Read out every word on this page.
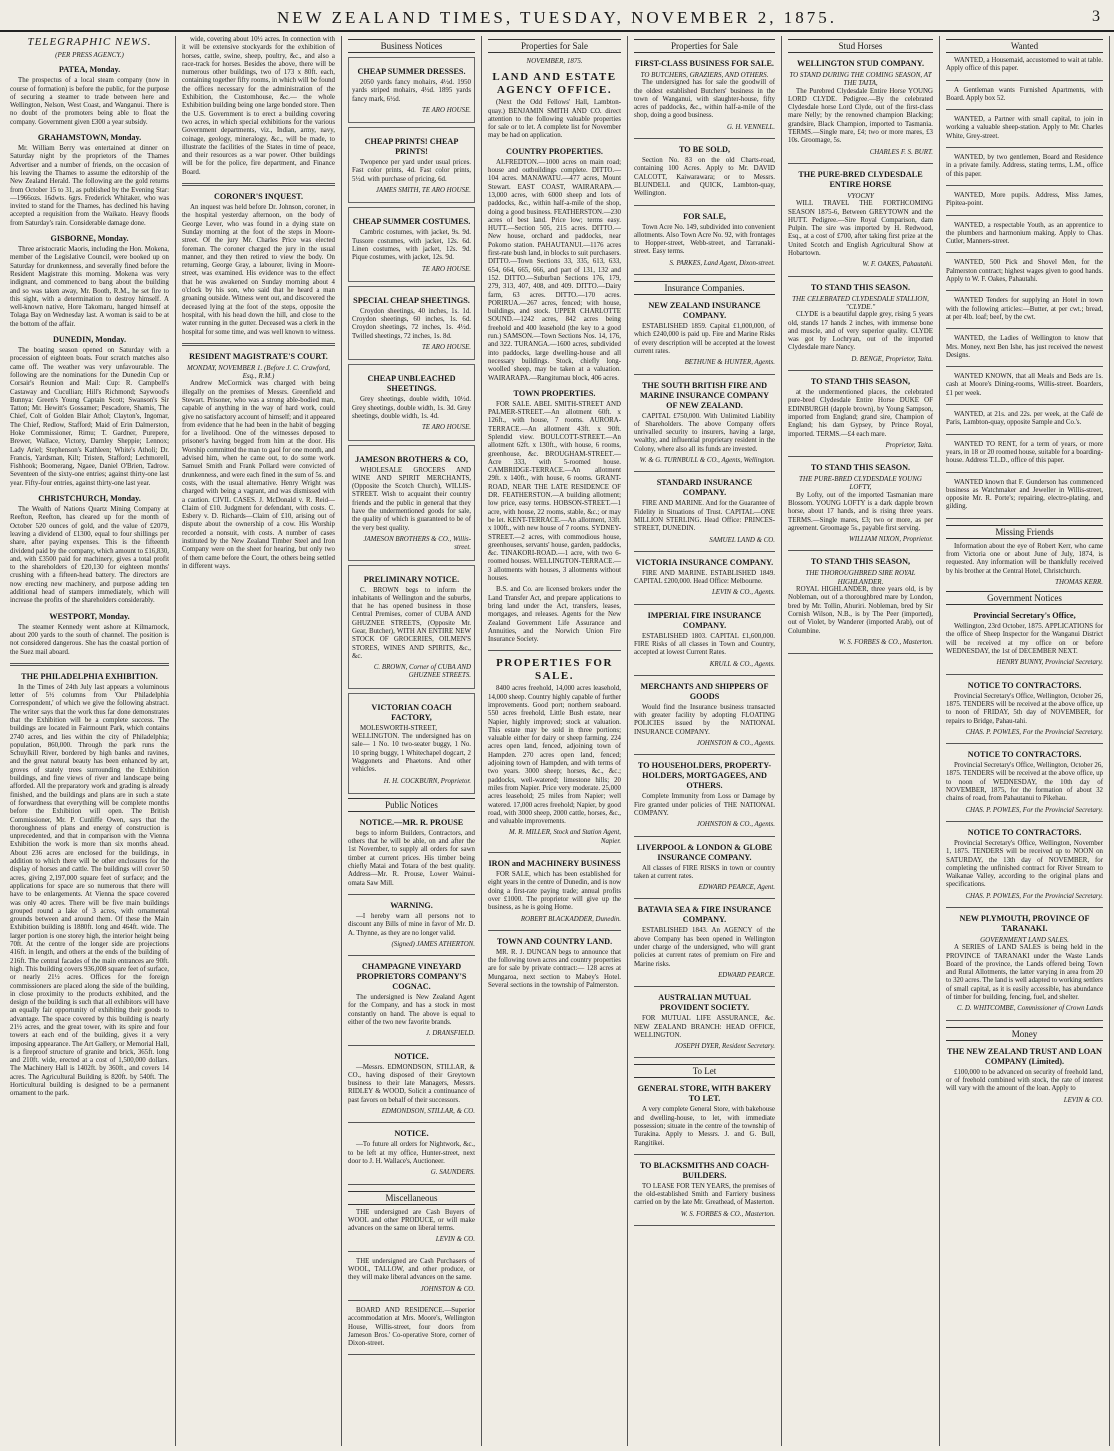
NEW ZEALAND TIMES, TUESDAY, NOVEMBER 2, 1875.	3
TELEGRAPHIC NEWS.
(PER PRESS AGENCY.)
PATEA, Monday.

The prospectus of a local steam company (now in course of formation) is before the public, for the purpose of securing a steamer to trade between here and Wellington, Nelson, West Coast, and Wanganui. There is no doubt of the promoters being able to float the company. Government given £300 a year subsidy.

GRAHAMSTOWN, Monday.

Mr. William Berry was entertained at dinner on Saturday night by the proprietors of the Thames Advertiser and a number of friends, on the occasion of his leaving the Thames to assume the editorship of the New Zealand Herald. The following are the gold returns from October 15 to 31, as published by the Evening Star:—1966ozs. 16dwts. 6grs. Frederick Whitaker, who was invited to stand for the Thames, has declined his having accepted a requisition from the Waikato. Heavy floods from Saturday's rain. Considerable damage done.

GISBORNE, Monday.

Three aristocratic Maoris, including the Hon. Mokena, member of the Legislative Council, were booked up on Saturday for drunkenness, and severally fined before the Resident Magistrate this morning. Mokena was very indignant, and commenced to bang about the building and so was taken away, Mr. Booth, R.M., he set fire to this sight, with a determination to destroy himself. A well-known native, Hore Takomaru, hanged himself at Tolaga Bay on Wednesday last. A woman is said to be at the bottom of the affair.

DUNEDIN, Monday.

The boating season opened on Saturday with a procession of eighteen boats. Four scratch matches also came off. The weather was very unfavourable. The following are the nominations for the Dunedin Cup or Corsair's Reunion and Mail: Cup: R. Campbell's Castaway and Cucullian; Hill's Richmond; Saywood's Bunnya: Green's Young Captain Scott; Swanson's Sir Tatton; Mr. Hewitt's Gossamer; Pescadore, Shamis, The Chief, Colt of Golden Blair Athol; Clayton's, Ingomar, The Chief, Redlow, Stafford; Maid of Erin Dalmerston, Hoke Commissioner, Rimu; T. Gardner, Purepere, Brewer, Wallace, Victory, Darnley Sheppie; Lennox; Lady Ariel; Stephenson's Kathleen; White's Atholi; Dr. Francis, Yardsman, Kilt; Tristen, Stafford; Lechmorell, Fishhook; Boomerang, Ngaee, Daniel O'Brien, Tadrow. Seventeen of the sixty-one entries; against thirty-one last year. Fifty-four entries, against thirty-one last year.

CHRISTCHURCH, Monday.

The Wealth of Nations Quartz Mining Company at Reefton, Reefton, has cleared up for the month of October 520 ounces of gold, and the value of £2079, leaving a dividend of £1300, equal to four shillings per share, after paying expenses. This is the fifteenth dividend paid by the company, which amount to £16,830, and, with £3500 paid for machinery, gives a total profit to the shareholders of £20,130 for eighteen months' crushing with a fifteen-head battery. The directors are now erecting new machinery, and purpose adding ten additional head of stampers immediately, which will increase the profits of the shareholders considerably.

WESTPORT, Monday.

The steamer Kennedy went ashore at Kilmarnock, about 200 yards to the south of channel. The position is not considered dangerous. She has the coastal portion of the Suez mail aboard.

THE PHILADELPHIA EXHIBITION.

In the Times of 24th July last appears a voluminous letter of 5½ columns from 'Our Philadelphia Correspondent,' of which we give the following abstract. The writer says that the work thus far done demonstrates that the Exhibition will be a complete success. The buildings are located in Fairmount Park, which contains 2740 acres, and lies within the city of Philadelphia; population, 860,000. Through the park runs the Schuylkill River, bordered by high banks and ravines, and the great natural beauty has been enhanced by art, groves of stately trees surrounding the Exhibition buildings, and fine views of river and landscape being afforded. All the preparatory work and grading is already finished, and the buildings and plans are in such a state of forwardness that everything will be complete months before the Exhibition will open. The British Commissioner, Mr. P. Cunliffe Owen, says that the thoroughness of plans and energy of construction is unprecedented, and that in comparison with the Vienna Exhibition the work is more than six months ahead. About 236 acres are enclosed for the buildings, in addition to which there will be other enclosures for the display of horses and cattle. The buildings will cover 50 acres, giving 2,197,000 square feet of surface; and the applications for space are so numerous that there will have to be enlargements. At Vienna the space covered was only 40 acres. There will be five main buildings grouped round a lake of 3 acres, with ornamental grounds between and around them. Of these the Main Exhibition building is 1880ft. long and 464ft. wide. The larger portion is one storey high, the interior height being 70ft. At the centre of the longer side are projections 416ft. in length, and others at the ends of the building of 216ft. The central facades of the main entrances are 90ft. high. This building covers 936,008 square feet of surface, or nearly 21½ acres. Offices for the foreign commissioners are placed along the side of the building, in close proximity to the products exhibited, and the design of the building is such that all exhibitors will have an equally fair opportunity of exhibiting their goods to advantage. The space covered by this building is nearly 21½ acres, and the great tower, with its spire and four towers at each end of the building, gives it a very imposing appearance. The Art Gallery, or Memorial Hall, is a fireproof structure of granite and brick, 365ft. long and 210ft. wide, erected at a cost of 1,500,000 dollars. The Machinery Hall is 1402ft. by 360ft., and covers 14 acres. The Agricultural Building is 820ft. by 540ft. The Horticultural building is designed to be a permanent ornament to the park.

wide, covering about 10½ acres. In connection with it will be extensive stockyards for the exhibition of horses, cattle, swine, sheep, poultry, &c., and also a race-track for horses. Besides the above, there will be numerous other buildings, two of 173 x 80ft. each, containing together fifty rooms, in which will be found the offices necessary for the administration of the Exhibition, the Customhouse, &c.— the whole Exhibition building being one large bonded store. Then the U.S. Government is to erect a building covering two acres, in which special exhibitions for the various Government departments, viz., Indian, army, navy, coinage, geology, mineralogy, &c., will be made, to illustrate the facilities of the States in time of peace, and their resources as a war power. Other buildings will be for the police, fire department, and Finance Board.

CORONER'S INQUEST.

An inquest was held before Dr. Johnson, coroner, in the hospital yesterday afternoon, on the body of George Lever, who was found in a dying state on Sunday morning at the foot of the steps in Moore-street. Of the jury Mr. Charles Price was elected foreman. The coroner charged the jury in the usual manner, and they then retired to view the body. On returning, George Gray, a labourer, living in Moore-street, was examined. His evidence was to the effect that he was awakened on Sunday morning about 4 o'clock by his son, who said that he heard a man groaning outside. Witness went out, and discovered the deceased lying at the foot of the steps, opposite the hospital, with his head down the hill, and close to the water running in the gutter. Deceased was a clerk in the hospital for some time, and was well known to witness.

RESIDENT MAGISTRATE'S COURT.
MONDAY, NOVEMBER 1. (Before J. C. Crawford, Esq., R.M.)

Andrew McCormick was charged with being illegally on the premises of Messrs. Greenfield and Stewart. Prisoner, who was a strong able-bodied man, capable of anything in the way of hard work, could give no satisfactory account of himself; and it appeared from evidence that he had been in the habit of begging for a livelihood. One of the witnesses deposed to prisoner's having begged from him at the door. His Worship committed the man to gaol for one month, and advised him, when he came out, to do some work. Samuel Smith and Frank Pollard were convicted of drunkenness, and were each fined in the sum of 5s. and costs, with the usual alternative. Henry Wright was charged with being a vagrant, and was dismissed with a caution. CIVIL CASES. J. McDonald v. R. Reid—Claim of £10. Judgment for defendant, with costs. C. Esbery v. D. Richards—Claim of £10, arising out of dispute about the ownership of a cow. His Worship recorded a nonsuit, with costs. A number of cases instituted by the New Zealand Timber Steel and Iron Company were on the sheet for hearing, but only two of them came before the Court, the others being settled in different ways.

Business Notices
CHEAP SUMMER DRESSES.

2050 yards fancy mohairs, 4½d. 1950 yards striped mohairs, 4½d. 1895 yards fancy mark, 6½d.

TE ARO HOUSE.
CHEAP PRINTS! CHEAP PRINTS!

Twopence per yard under usual prices. Fast color prints, 4d. Fast color prints, 5½d. with purchase of pricing, 6d.

JAMES SMITH, TE ARO HOUSE.
CHEAP SUMMER COSTUMES.

Cambric costumes, with jacket, 9s. 9d. Tussore costumes, with jacket, 12s. 6d. Linen costumes, with jacket, 12s. 9d. Pique costumes, with jacket, 12s. 9d.

TE ARO HOUSE.
SPECIAL CHEAP SHEETINGS.

Croydon sheetings, 40 inches, 1s. 1d. Croydon sheetings, 60 inches, 1s. 6d. Croydon sheetings, 72 inches, 1s. 4½d. Twilled sheetings, 72 inches, 1s. 8d.

TE ARO HOUSE.
CHEAP UNBLEACHED SHEETINGS.

Grey sheetings, double width, 10½d. Grey sheetings, double width, 1s. 3d. Grey sheetings, double width, 1s. 4d.

TE ARO HOUSE.
JAMESON BROTHERS & CO,

WHOLESALE GROCERS AND WINE AND SPIRIT MERCHANTS, (Opposite the Scotch Church), WILLIS-STREET. Wish to acquaint their country friends and the public in general that they have the undermentioned goods for sale, the quality of which is guaranteed to be of the very best quality.

JAMESON BROTHERS & CO., Willis-street.
PRELIMINARY NOTICE.

C. BROWN begs to inform the inhabitants of Wellington and the suburbs, that he has opened business in those Central Premises, corner of CUBA AND GHUZNEE STREETS, (Opposite Mr. Gear, Butcher), WITH AN ENTIRE NEW STOCK OF GROCERIES, OILMEN'S STORES, WINES AND SPIRITS, &c., &c.

C. BROWN, Corner of CUBA AND GHUZNEE STREETS.
VICTORIAN COACH FACTORY,

MOLESWORTH-STREET, WELLINGTON. The undersigned has on sale— 1 No. 10 two-seater buggy, 1 No. 10 spring buggy, 1 Whitechapel dogcart, 2 Waggonets and Phaetons. And other vehicles.

H. H. COCKBURN, Proprietor.
Public Notices
NOTICE.—MR. R. PROUSE

begs to inform Builders, Contractors, and others that he will be able, on and after the 1st November, to supply all orders for sawn timber at current prices. His timber being chiefly Matai and Totara of the best quality. Address—Mr. R. Prouse, Lower Wainui-omata Saw Mill.

WARNING.

—I hereby warn all persons not to discount any Bills of mine in favor of Mr. D. A. Thynne, as they are no longer valid.

(Signed) JAMES ATHERTON.
CHAMPAGNE VINEYARD PROPRIETORS COMPANY'S COGNAC.

The undersigned is New Zealand Agent for the Company, and has a stock in most constantly on hand. The above is equal to either of the two new favorite brands.

J. DRANSFIELD.
NOTICE.

—Messrs. EDMONDSON, STILLAR, & CO., having disposed of their Greytown business to their late Managers, Messrs. RIDLEY & WOOD, Solicit a continuance of past favors on behalf of their successors.

EDMONDSON, STILLAR, & CO.
NOTICE.

—To future all orders for Nightwork, &c., to be left at my office, Hunter-street, next door to J. H. Wallace's, Auctioneer.

G. SAUNDERS.
Miscellaneous

THE undersigned are Cash Buyers of WOOL and other PRODUCE, or will make advances on the same on liberal terms.

LEVIN & CO.

THE undersigned are Cash Purchasers of WOOL, TALLOW, and other produce, or they will make liberal advances on the same.

JOHNSTON & CO.

BOARD AND RESIDENCE.—Superior accommodation at Mrs. Moore's, Wellington House, Willis-street, four doors from Jameson Bros.' Co-operative Store, corner of Dixon-street.

Properties for Sale
NOVEMBER, 1875.
LAND AND ESTATE AGENCY OFFICE.

(Next the Odd Fellows' Hall, Lambton-quay.) BENJAMIN SMITH AND CO. direct attention to the following valuable properties for sale or to let. A complete list for November may be had on application.

COUNTRY PROPERTIES.

ALFREDTON.—1000 acres on main road; house and outbuildings complete. DITTO.—104 acres. MANAWATU.—477 acres, Mount Stewart. EAST COAST, WAIRARAPA.—13,000 acres, with 6000 sheep and lots of paddocks, &c., within half-a-mile of the shop, doing a good business. FEATHERSTON.—230 acres of best land. Price low; terms easy. HUTT.—Section 505, 215 acres. DITTO.—New house, orchard and paddocks, near Pokomo station. PAHAUTANUI.—1176 acres first-rate bush land, in blocks to suit purchasers. DITTO.—Town Sections 33, 335, 613, 633, 654, 664, 665, 666, and part of 131, 132 and 152. DITTO.—Suburban Sections 176, 179, 279, 313, 407, 408, and 409. DITTO.—Dairy farm, 63 acres. DITTO.—170 acres. PORIRUA.—267 acres, fenced; with house, buildings, and stock. UPPER CHARLOTTE SOUND.—1242 acres, 842 acres being freehold and 400 leasehold (the key to a good run.) SAMSON.—Town Sections Nos. 14, 176, and 322. TURANGA.—1600 acres, subdivided into paddocks, large dwelling-house and all necessary buildings. Stock, chiefly long-woolled sheep, may be taken at a valuation. WAIRARAPA.—Rangitumau block, 406 acres.

TOWN PROPERTIES.

FOR SALE. ABEL SMITH-STREET AND PALMER-STREET.—An allotment 60ft. x 126ft., with house, 7 rooms. AURORA-TERRACE.—An allotment 43ft. x 90ft. Splendid view. BOULCOTT-STREET.—An allotment 62ft. x 130ft., with house, 6 rooms, greenhouse, &c. BROUGHAM-STREET.—Acre 333, with 5-roomed house. CAMBRIDGE-TERRACE.—An allotment 29ft. x 140ft., with house, 6 rooms. GRANT-ROAD, NEAR THE LATE RESIDENCE OF DR. FEATHERSTON.—A building allotment; low price, easy terms. HOBSON-STREET.—1 acre, with house, 22 rooms, stable, &c.; or may be let. KENT-TERRACE.—An allotment, 33ft. x 100ft., with new house of 7 rooms. SYDNEY-STREET.—2 acres, with commodious house, greenhouses, servants' house, garden, paddocks, &c. TINAKORI-ROAD.—1 acre, with two 6-roomed houses. WELLINGTON-TERRACE.—3 allotments with houses, 3 allotments without houses.

B.S. and Co. are licensed brokers under the Land Transfer Act, and prepare applications to bring land under the Act, transfers, leases, mortgages, and releases. Agents for the New Zealand Government Life Assurance and Annuities, and the Norwich Union Fire Insurance Society.

PROPERTIES FOR SALE.

8400 acres freehold, 14,000 acres leasehold, 14,000 sheep. Country highly capable of further improvements. Good port; northern seaboard. 550 acres freehold, Little Bush estate, near Napier, highly improved; stock at valuation. This estate may be sold in three portions; valuable either for dairy or sheep farming. 224 acres open land, fenced, adjoining town of Hampden. 270 acres open land, fenced; adjoining town of Hampden, and with terms of two years. 3000 sheep; horses, &c., &c.; paddocks, well-watered; limestone hills; 20 miles from Napier. Price very moderate. 25,000 acres leasehold; 25 miles from Napier; well watered. 17,000 acres freehold; Napier, by good road, with 3000 sheep, 2000 cattle, horses, &c., and valuable improvements.

M. R. MILLER, Stock and Station Agent, Napier.
IRON and MACHINERY BUSINESS

FOR SALE, which has been established for eight years in the centre of Dunedin, and is now doing a first-rate paying trade; annual profits over £1000. The proprietor will give up the business, as he is going Home.

ROBERT BLACKADDER, Dunedin.
TOWN AND COUNTRY LAND.

MR. R. J. DUNCAN begs to announce that the following town acres and country properties are for sale by private contract:— 128 acres at Mungaroa, next section to Mabey's Hotel. Several sections in the township of Palmerston.

Properties for Sale
FIRST-CLASS BUSINESS FOR SALE.
TO BUTCHERS, GRAZIERS, AND OTHERS.

The undersigned has for sale the goodwill of the oldest established Butchers' business in the town of Wanganui, with slaughter-house, fifty acres of paddocks, &c., within half-a-mile of the shop, doing a good business.

G. H. VENNELL.
TO BE SOLD,

Section No. 83 on the old Charts-road, containing 100 Acres. Apply to Mr. DAVID CALCOTT, Kaiwarawara; or to Messrs. BLUNDELL and QUICK, Lambton-quay, Wellington.

FOR SALE,

Town Acre No. 149, subdivided into convenient allotments. Also Town Acre No. 92, with frontages to Hopper-street, Webb-street, and Tarranaki-street. Easy terms.

S. PARKES, Land Agent, Dixon-street.
Insurance Companies.
NEW ZEALAND INSURANCE COMPANY.

ESTABLISHED 1859. Capital £1,000,000, of which £240,000 is paid up. Fire and Marine Risks of every description will be accepted at the lowest current rates.

BETHUNE & HUNTER, Agents.
THE SOUTH BRITISH FIRE AND MARINE INSURANCE COMPANY OF NEW ZEALAND.

CAPITAL £750,000. With Unlimited Liability of Shareholders. The above Company offers unrivalled security to insurers, having a large, wealthy, and influential proprietary resident in the Colony, where also all its funds are invested.

W. & G. TURNBULL & CO., Agents, Wellington.
STANDARD INSURANCE COMPANY.

FIRE AND MARINE. And for the Guarantee of Fidelity in Situations of Trust. CAPITAL—ONE MILLION STERLING. Head Office: PRINCES-STREET, DUNEDIN.

SAMUEL LAND & CO.
VICTORIA INSURANCE COMPANY.

FIRE AND MARINE. ESTABLISHED 1849. CAPITAL £200,000. Head Office: Melbourne.

LEVIN & CO., Agents.
IMPERIAL FIRE INSURANCE COMPANY.

ESTABLISHED 1803. CAPITAL £1,600,000. FIRE Risks of all classes in Town and Country, accepted at lowest Current Rates.

KRULL & CO., Agents.
MERCHANTS AND SHIPPERS OF GOODS

Would find the Insurance business transacted with greater facility by adopting FLOATING POLICIES issued by the NATIONAL INSURANCE COMPANY.

JOHNSTON & CO., Agents.
TO HOUSEHOLDERS, PROPERTY-HOLDERS, MORTGAGEES, AND OTHERS.

Complete Immunity from Loss or Damage by Fire granted under policies of THE NATIONAL COMPANY.

JOHNSTON & CO., Agents.
LIVERPOOL & LONDON & GLOBE INSURANCE COMPANY.

All classes of FIRE RISKS in town or country taken at current rates.

EDWARD PEARCE, Agent.
BATAVIA SEA & FIRE INSURANCE COMPANY.

ESTABLISHED 1843. An AGENCY of the above Company has been opened in Wellington under charge of the undersigned, who will grant policies at current rates of premium on Fire and Marine risks.

EDWARD PEARCE.
AUSTRALIAN MUTUAL PROVIDENT SOCIETY.

FOR MUTUAL LIFE ASSURANCE, &c. NEW ZEALAND BRANCH: HEAD OFFICE, WELLINGTON.

JOSEPH DYER, Resident Secretary.
To Let
GENERAL STORE, WITH BAKERY TO LET.

A very complete General Store, with bakehouse and dwelling-house, to let, with immediate possession; situate in the centre of the township of Turakina. Apply to Messrs. J. and G. Bull, Rangitikei.

TO BLACKSMITHS AND COACH-BUILDERS.

TO LEASE FOR TEN YEARS, the premises of the old-established Smith and Farriery business carried on by the late Mr. Greathead, of Masterton.

W. S. FORBES & CO., Masterton.
Stud Horses
WELLINGTON STUD COMPANY.
TO STAND DURING THE COMING SEASON, AT THE TAITA,

The Purebred Clydesdale Entire Horse YOUNG LORD CLYDE. Pedigree.—By the celebrated Clydesdale horse Lord Clyde, out of the first-class mare Nelly; by the renowned champion Blacking; grandsire, Black Champion, imported to Tasmania. TERMS.—Single mare, £4; two or more mares, £3 10s. Groomage, 5s.

CHARLES F. S. BURT.
THE PURE-BRED CLYDESDALE ENTIRE HORSE
VYOCNY

WILL TRAVEL THE FORTHCOMING SEASON 1875-6, Between GREYTOWN and the HUTT. Pedigree.—Sire Royal Comparison, dam Pulpin. The sire was imported by H. Redwood, Esq., at a cost of £700, after taking first prize at the United Scotch and English Agricultural Show at Hobartown.

W. F. OAKES, Pahautahi.
TO STAND THIS SEASON.
THE CELEBRATED CLYDESDALE STALLION, "CLYDE."

CLYDE is a beautiful dapple grey, rising 5 years old, stands 17 hands 2 inches, with immense bone and muscle, and of very superior quality. CLYDE was got by Lochryan, out of the imported Clydesdale mare Nancy.

D. BENGE, Proprietor, Taita.
TO STAND THIS SEASON,

at the undermentioned places, the celebrated pure-bred Clydesdale Entire Horse DUKE OF EDINBURGH (dapple brown), by Young Sampson, imported from England; grand sire, Champion of England; his dam Gypsey, by Prince Royal, imported. TERMS.—£4 each mare.

Proprietor, Taita.
TO STAND THIS SEASON.
THE PURE-BRED CLYDESDALE YOUNG LOFTY,

By Lofty, out of the imported Tasmanian mare Blossom. YOUNG LOFTY is a dark dapple brown horse, about 17 hands, and is rising three years. TERMS.—Single mares, £3; two or more, as per agreement. Groomage 5s., payable first serving.

WILLIAM NIXON, Proprietor.
TO STAND THIS SEASON,
THE THOROUGHBRED SIRE ROYAL HIGHLANDER.

ROYAL HIGHLANDER, three years old, is by Nobleman, out of a thoroughbred mare by London, bred by Mr. Tollin, Ahuriri. Nobleman, bred by Sir Cornish Wilson, N.B., is by The Peer (imported), out of Violet, by Wanderer (imported Arab), out of Columbine.

W. S. FORBES & CO., Masterton.
Wanted

WANTED, a Housemaid, accustomed to wait at table. Apply office of this paper.

A Gentleman wants Furnished Apartments, with Board. Apply box 52.

WANTED, a Partner with small capital, to join in working a valuable sheep-station. Apply to Mr. Charles White, Grey-street.

WANTED, by two gentlemen, Board and Residence in a private family. Address, stating terms, L.M., office of this paper.

WANTED, More pupils. Address, Miss James, Pipitea-point.

WANTED, a respectable Youth, as an apprentice to the plumbers and harmonium making. Apply to Chas. Cutler, Manners-street.

WANTED, 500 Pick and Shovel Men, for the Palmerston contract; highest wages given to good hands. Apply to W. F. Oakes, Pahautahi.

WANTED Tenders for supplying an Hotel in town with the following articles:—Butter, at per cwt.; bread, at per 4lb. loaf; beef, by the cwt.

WANTED, the Ladies of Wellington to know that Mrs. Money, next Ben Ishe, has just received the newest Designs.

WANTED KNOWN, that all Meals and Beds are 1s. cash at Moore's Dining-rooms, Willis-street. Boarders, £1 per week.

WANTED, at 21s. and 22s. per week, at the Café de Paris, Lambton-quay, opposite Sample and Co.'s.

WANTED TO RENT, for a term of years, or more years, in 18 or 20 roomed house, suitable for a boarding-house. Address T.L.D., office of this paper.

WANTED known that F. Gunderson has commenced business as Watchmaker and Jeweller in Willis-street, opposite Mr. R. Porte's; repairing, electro-plating, and gilding.

Missing Friends

Information about the eye of Robert Kerr, who came from Victoria one or about June of July, 1874, is requested. Any information will be thankfully received by his brother at the Central Hotel, Christchurch.

THOMAS KERR.
Government Notices
Provincial Secretary's Office,

Wellington, 23rd October, 1875. APPLICATIONS for the office of Sheep Inspector for the Wanganui District will be received at my office on or before WEDNESDAY, the 1st of DECEMBER NEXT.

HENRY BUNNY, Provincial Secretary.
NOTICE TO CONTRACTORS.

Provincial Secretary's Office, Wellington, October 26, 1875. TENDERS will be received at the above office, up to noon of FRIDAY, 5th day of NOVEMBER, for repairs to Bridge, Pahau-tahi.

CHAS. P. POWLES, For the Provincial Secretary.
NOTICE TO CONTRACTORS.

Provincial Secretary's Office, Wellington, October 26, 1875. TENDERS will be received at the above office, up to noon of WEDNESDAY, the 10th day of NOVEMBER, 1875, for the formation of about 32 chains of road, from Pahautanui to Pikehau.

CHAS. P. POWLES, For the Provincial Secretary.
NOTICE TO CONTRACTORS.

Provincial Secretary's Office, Wellington, November 1, 1875. TENDERS will be received up to NOON on SATURDAY, the 13th day of NOVEMBER, for completing the unfinished contract for River Stream to Waikanae Valley, according to the original plans and specifications.

CHAS. P. POWLES, For the Provincial Secretary.
NEW PLYMOUTH, PROVINCE OF TARANAKI.
GOVERNMENT LAND SALES.

A SERIES of LAND SALES is being held in the PROVINCE of TARANAKI under the Waste Lands Board of the province, the Lands offered being Town and Rural Allotments, the latter varying in area from 20 to 320 acres. The land is well adapted to working settlers of small capital, as it is easily accessible, has abundance of timber for building, fencing, fuel, and shelter.

C. D. WHITCOMBE, Commissioner of Crown Lands
Money
THE NEW ZEALAND TRUST AND LOAN COMPANY (Limited).

£100,000 to be advanced on security of freehold land, or of freehold combined with stock, the rate of interest will vary with the amount of the loan. Apply to

LEVIN & CO.
